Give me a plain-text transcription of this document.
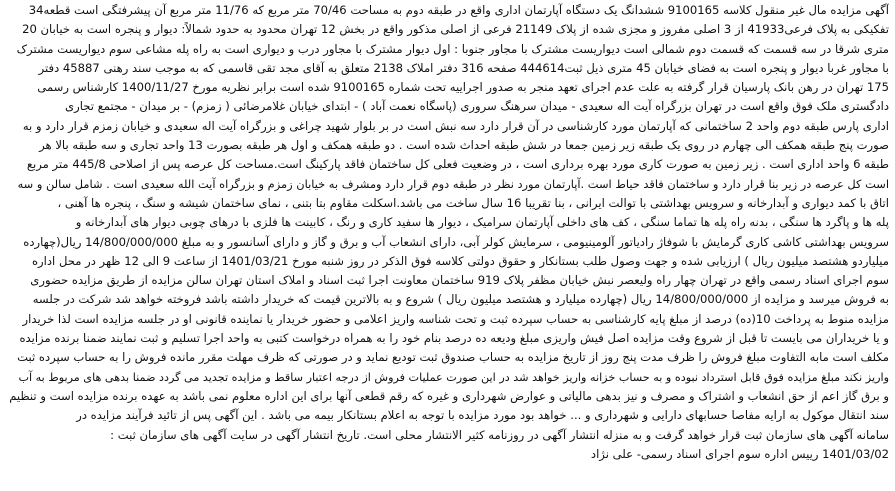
آگهی مزایده مال غیر منقول کلاسه 9100165 ششدانگ یک دستگاه آپارتمان اداری واقع در طبقه دوم به مساحت 70/46 متر مربع که 11/76 متر مربع آن پیشرفتگی است قطعه34
تفکیکی به پلاک فرعی41933 از 3 اصلی مفروز و مجزی شده از پلاک 21149 فرعی از اصلی مذکور واقع در بخش 12 تهران محدود به حدود شمالاً: دیوار و پنجره است به خیابان 20
متری شرقا در سه قسمت که قسمت دوم شمالی است دیواریست مشترک با مجاور جنوبا : اول دیوار مشترک با مجاور درب و دیواری است به راه پله مشاعی سوم دیواریست مشترک
با مجاور غربا دیوار و پنجره است به فضای خیابان 45 متری ذیل ثبت444614 صفحه 316 دفتر املاک 2138 متعلق به آقای مجد تقی قاسمی که به موجب سند رهنی 45887 دفتر
175 تهران در رهن بانک پارسیان قرار گرفته به علت عدم اجرای تعهد منجر به صدور اجراییه تحت شماره 9100165 شده است برابر نظریه مورخ 1400/11/27 کارشناس رسمی
دادگستری ملک فوق واقع است در تهران بزرگراه آیت اله سعیدی - میدان سرهنگ سروری (پاسگاه نعمت آباد ) - ابتدای خیابان غلامرضائی ( زمزم) - بر میدان - مجتمع تجاری
اداری پارس طبقه دوم واحد 2 ساختمانی که آپارتمان مورد کارشناسی در آن قرار دارد سه نبش است در بر بلوار شهید چراغی و بزرگراه آیت اله سعیدی و خیابان زمزم قرار دارد و به
صورت پنج طبقه همکف الی چهارم در روی یک طبقه زیر زمین جمعا در شش طبقه احداث شده است . دو طبقه همکف و اول هر طبقه بصورت 13 واحد تجاری و سه طبقه بالا هر
طبقه 6 واحد اداری است . زیر زمین به صورت کاری مورد بهره برداری است ، در وضعیت فعلی کل ساختمان فاقد پارکینگ است.مساحت کل عرصه پس از اصلاحی 445/8 متر مربع
است کل عرصه در زیر بنا قرار دارد و ساختمان فاقد حیاط است .آپارتمان مورد نظر در طبقه دوم قرار دارد ومشرف به خیابان زمزم و بزرگراه آیت الله سعیدی است . شامل سالن و سه
اتاق با کمد دیواری و آبدارخانه و سرویس بهداشتی با توالت ایرانی ، بنا تقریبا 16 سال ساخت می باشد.اسکلت مقاوم بتا بتنی ، نمای ساختمان شیشه و سنگ ، پنجره ها آهنی ،
پله ها و پاگرد ها سنگی ، بدنه راه پله ها تماما سنگی ، کف های داخلی آپارتمان سرامیک ، دیوار ها سفید کاری و رنگ ، کابینت ها فلزی با درهای چوبی دیوار های آبدارخانه و
سرویس بهداشتی کاشی کاری گرمایش با شوفاژ رادیاتور آلومینیومی ، سرمایش کولر آبی، دارای انشعاب آب و برق و گاز و دارای آسانسور و به مبلغ 14/800/000/000 ریال(چهارده
میلیاردو هشتصد میلیون ریال ) ارزیابی شده و جهت وصول طلب بستانکار و حقوق دولتی کلاسه فوق الذکر در روز شنبه مورخ 1401/03/21 از ساعت 9 الی 12 ظهر در محل اداره
سوم اجرای اسناد رسمی واقع در تهران چهار راه ولیعصر نبش خیابان مظفر پلاک 919 ساختمان معاونت اجرا ثبت اسناد و املاک استان تهران سالن مزایده از طریق مزایده حضوری
به فروش میرسد و مزایده از 14/800/000/000 ریال (چهارده میلیارد و هشتصد میلیون ریال ) شروع و به بالاترین قیمت که خریدار داشته باشد فروخته خواهد شد شرکت در جلسه
مزایده منوط به پرداخت 10(ده) درصد از مبلغ پایه کارشناسی به حساب سپرده ثبت و تحت شناسه واریز اعلامی و حضور خریدار یا نماینده قانونی او در جلسه مزایده است لذا خریدار
و یا خریداران می بایست تا قبل از شروع وقت مزایده اصل فیش واریزی مبلغ ودیعه ده درصد بنام خود را به همراه درخواست کتبی به واحد اجرا تسلیم و ثبت نمایند ضمنا برنده مزایده
مکلف است مابه التفاوت مبلغ فروش را ظرف مدت پنج روز از تاریخ مزایده به حساب صندوق ثبت تودیع نماید و در صورتی که ظرف مهلت مقرر مانده فروش را به حساب سپرده ثبت
واریز نکند مبلغ مزایده فوق قابل استرداد نبوده و به حساب خزانه واریز خواهد شد در این صورت عملیات فروش از درجه اعتبار ساقط و مزایده تجدید می گردد ضمنا بدهی های مربوط به آب
و برق گاز اعم از حق انشعاب و اشتراک و مصرف و نیز بدهی مالیاتی و عوارض شهرداری و غیره که رقم قطعی آنها برای این اداره معلوم نمی باشد به عهده برنده مزایده است و تنظیم
سند انتقال موکول به ارایه مفاصا حسابهای دارایی و شهرداری و ... خواهد بود مورد مزایده با توجه به اعلام بستانکار بیمه می باشد . این آگهی پس از تائید فرآیند مزایده در
سامانه آگهی های سازمان ثبت قرار خواهد گرفت و به منزله انتشار آگهی در روزنامه کثیر الانتشار محلی است. تاریخ انتشار آگهی در سایت آگهی های سازمان ثبت :
1401/03/02 رییس اداره سوم اجرای اسناد رسمی- علی نژاد
